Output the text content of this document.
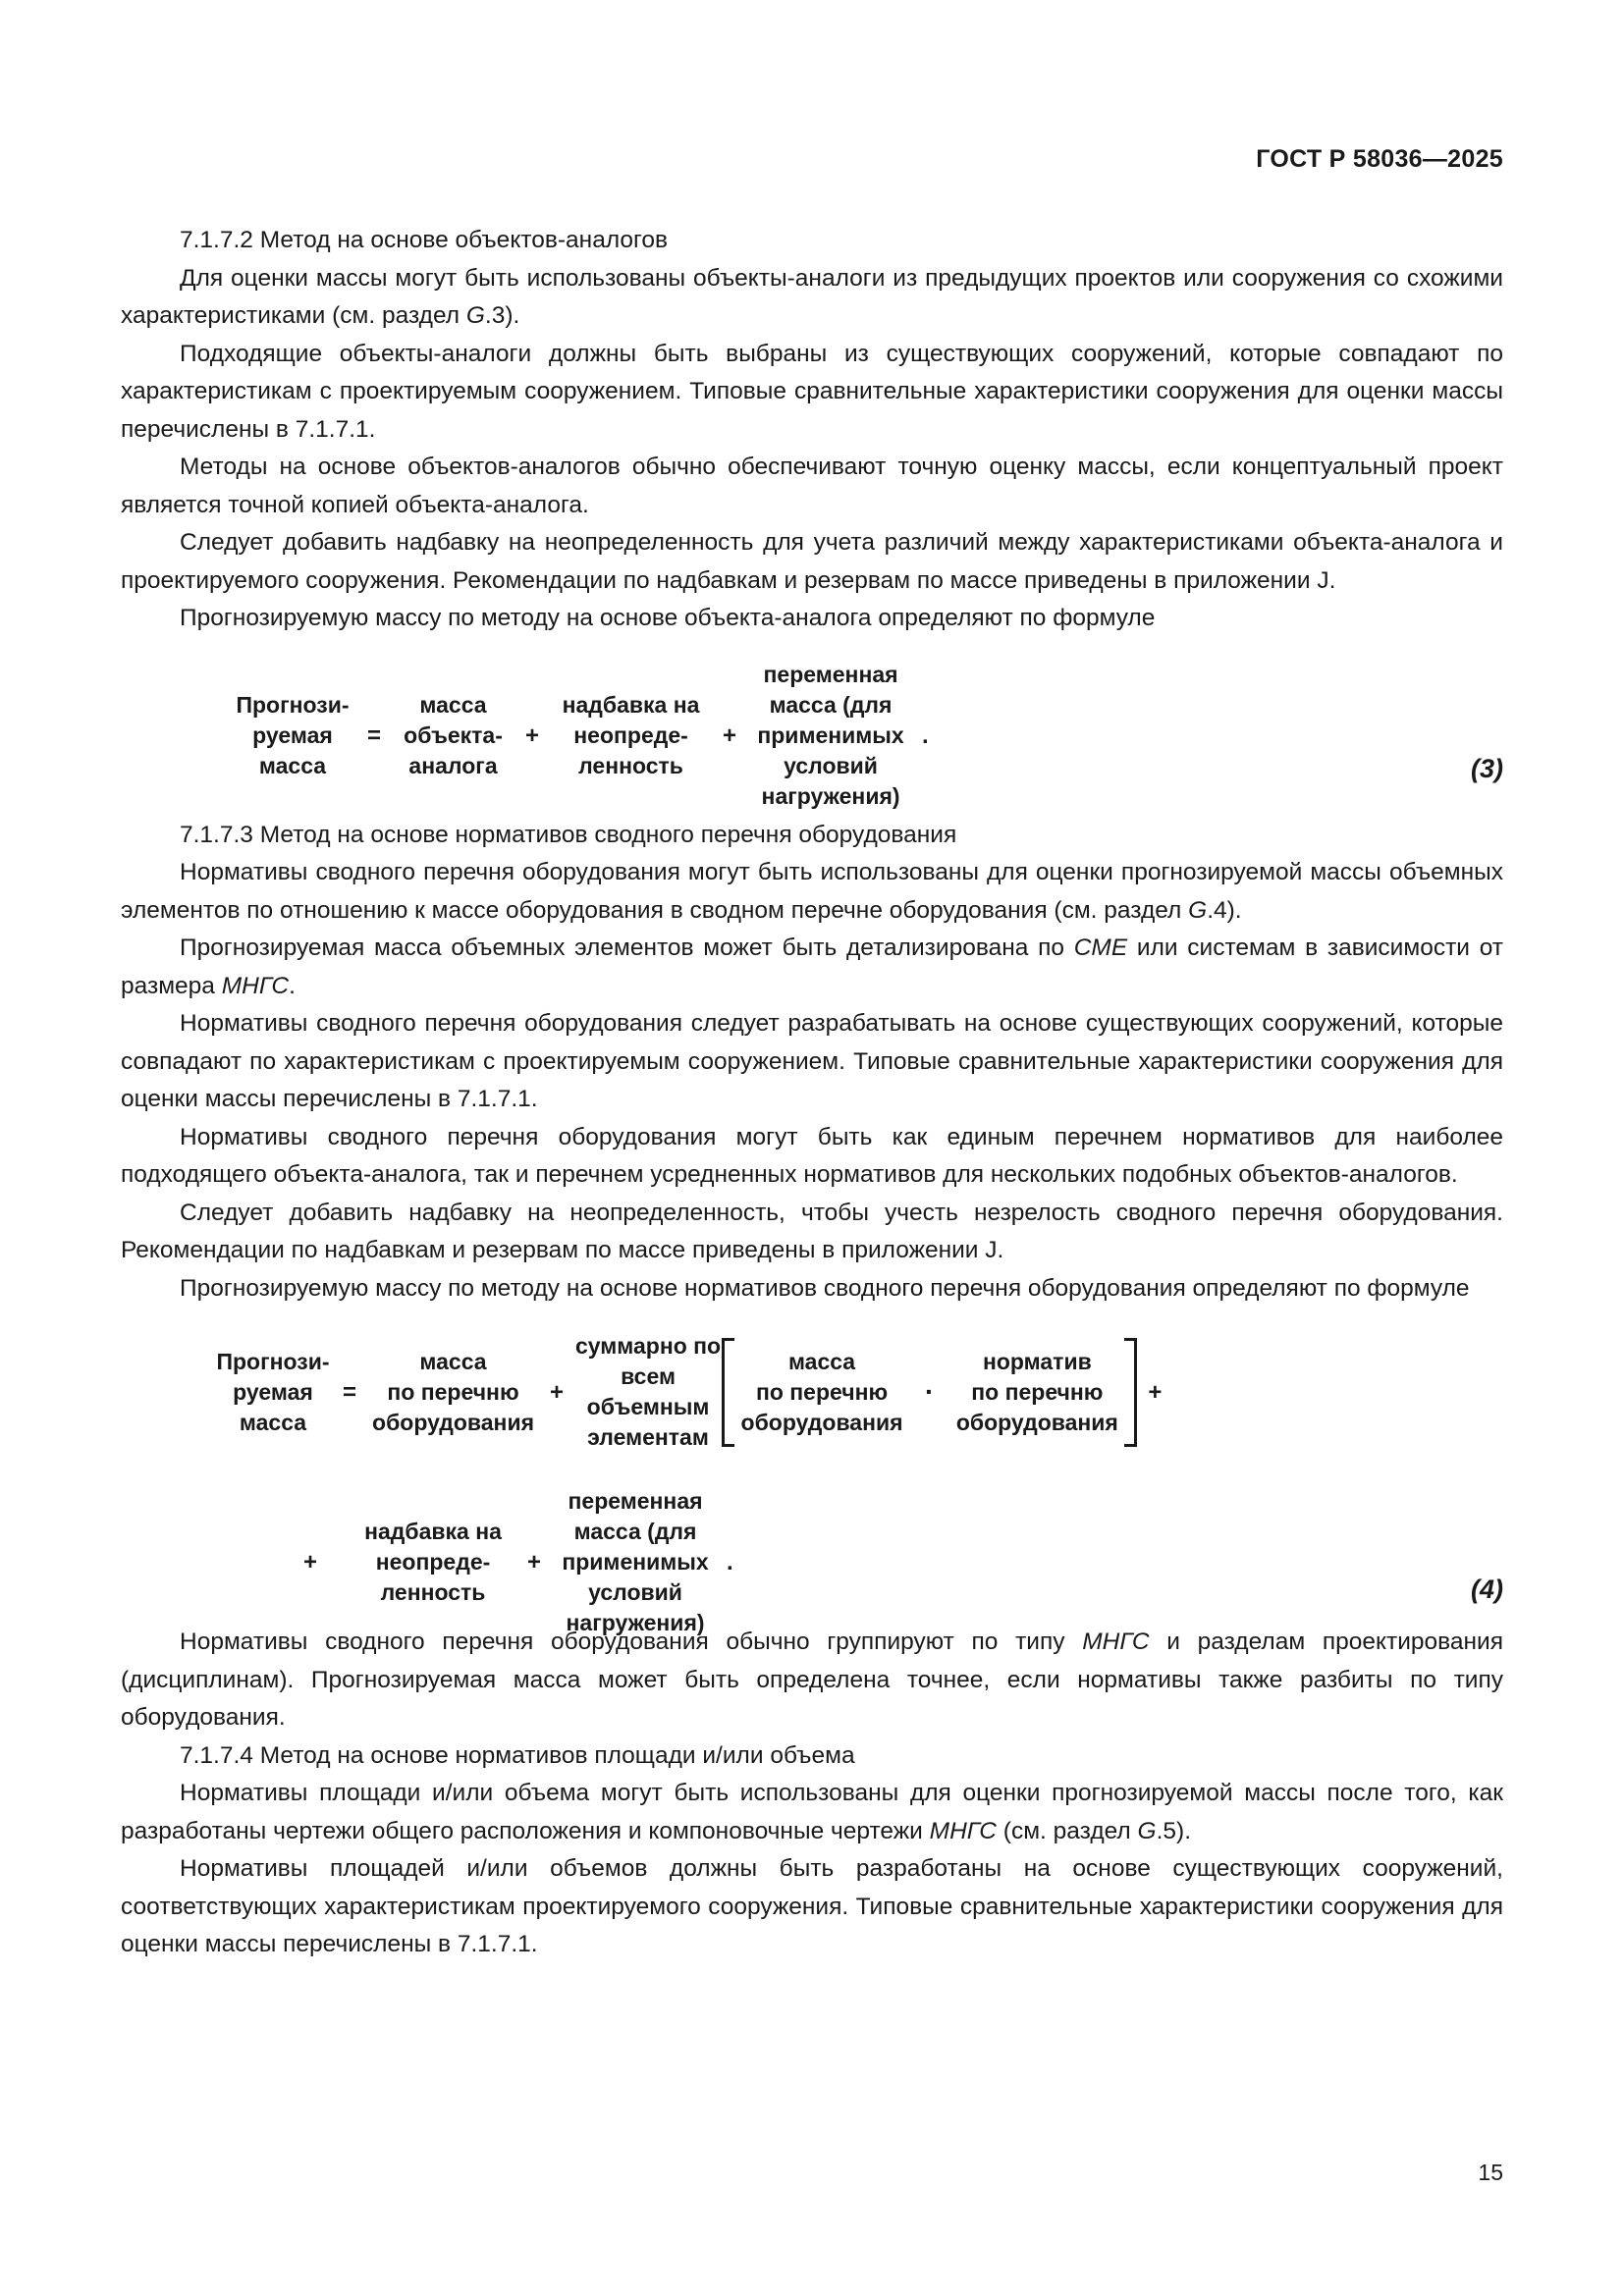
ГОСТ Р 58036—2025

7.1.7.2 Метод на основе объектов-аналогов

Для оценки массы могут быть использованы объекты-аналоги из предыдущих проектов или сооружения со схожими характеристиками (см. раздел G.3).

Подходящие объекты-аналоги должны быть выбраны из существующих сооружений, которые совпадают по характеристикам с проектируемым сооружением. Типовые сравнительные характеристики сооружения для оценки массы перечислены в 7.1.7.1.

Методы на основе объектов-аналогов обычно обеспечивают точную оценку массы, если концептуальный проект является точной копией объекта-аналога.

Следует добавить надбавку на неопределенность для учета различий между характеристиками объекта-аналога и проектируемого сооружения. Рекомендации по надбавкам и резервам по массе приведены в приложении J.

Прогнозируемую массу по методу на основе объекта-аналога определяют по формуле

Прогнози-
руемая
масса
=
масса
объекта-
аналога
+
надбавка на
неопреде-
ленность
+
переменная
масса (для
применимых
условий
нагружения)
.
(3)

7.1.7.3 Метод на основе нормативов сводного перечня оборудования

Нормативы сводного перечня оборудования могут быть использованы для оценки прогнозируемой массы объемных элементов по отношению к массе оборудования в сводном перечне оборудования (см. раздел G.4).

Прогнозируемая масса объемных элементов может быть детализирована по CME или системам в зависимости от размера МНГС.

Нормативы сводного перечня оборудования следует разрабатывать на основе существующих сооружений, которые совпадают по характеристикам с проектируемым сооружением. Типовые сравнительные характеристики сооружения для оценки массы перечислены в 7.1.7.1.

Нормативы сводного перечня оборудования могут быть как единым перечнем нормативов для наиболее подходящего объекта-аналога, так и перечнем усредненных нормативов для нескольких подобных объектов-аналогов.

Следует добавить надбавку на неопределенность, чтобы учесть незрелость сводного перечня оборудования. Рекомендации по надбавкам и резервам по массе приведены в приложении J.

Прогнозируемую массу по методу на основе нормативов сводного перечня оборудования определяют по формуле

Прогнози-
руемая
масса
=
масса
по перечню
оборудования
+
суммарно по
всем
объемным
элементам
масса
по перечню
оборудования
·
норматив
по перечню
оборудования
+
+
надбавка на
неопреде-
ленность
+
переменная
масса (для
применимых
условий
нагружения)
.
(4)

Нормативы сводного перечня оборудования обычно группируют по типу МНГС и разделам проектирования (дисциплинам). Прогнозируемая масса может быть определена точнее, если нормативы также разбиты по типу оборудования.

7.1.7.4 Метод на основе нормативов площади и/или объема

Нормативы площади и/или объема могут быть использованы для оценки прогнозируемой массы после того, как разработаны чертежи общего расположения и компоновочные чертежи МНГС (см. раздел G.5).

Нормативы площадей и/или объемов должны быть разработаны на основе существующих сооружений, соответствующих характеристикам проектируемого сооружения. Типовые сравнительные характеристики сооружения для оценки массы перечислены в 7.1.7.1.

15
